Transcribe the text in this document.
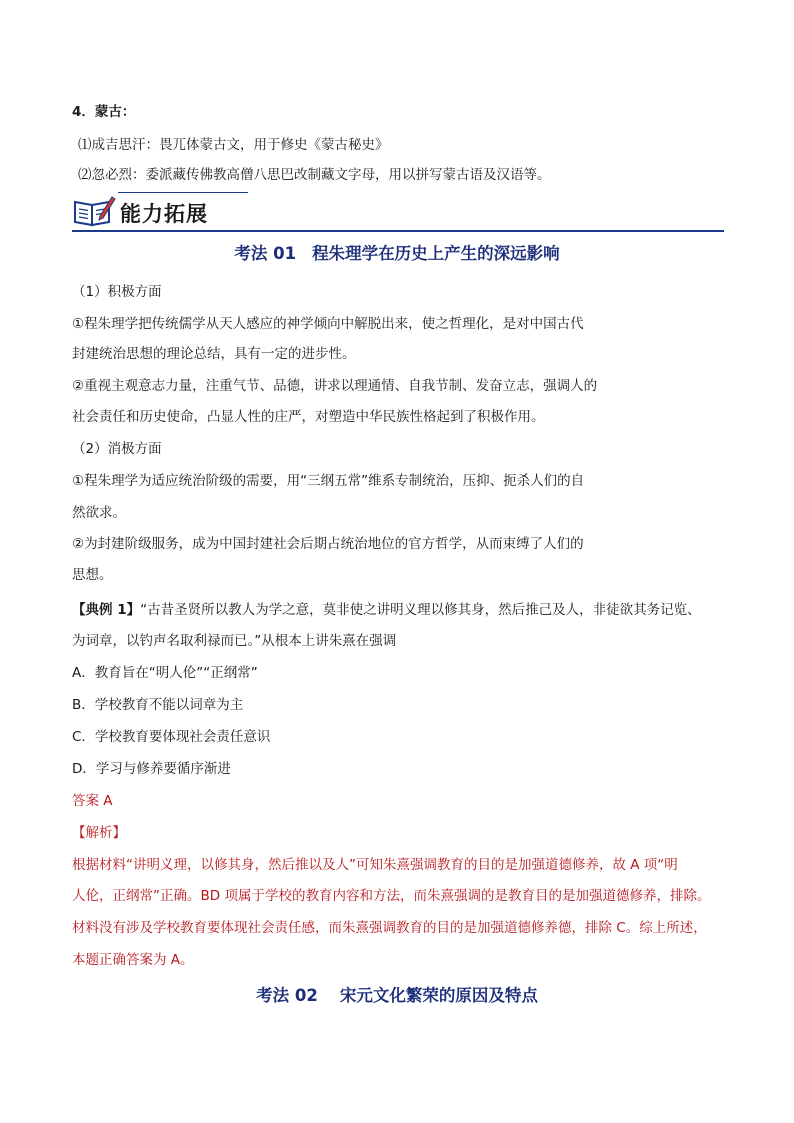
4．蒙古：
⑴成吉思汗：畏兀体蒙古文，用于修史《蒙古秘史》
⑵忽必烈：委派藏传佛教高僧八思巴改制藏文字母，用以拼写蒙古语及汉语等。
能力拓展
考法 01 程朱理学在历史上产生的深远影响
（1）积极方面
①程朱理学把传统儒学从天人感应的神学倾向中解脱出来，使之哲理化，是对中国古代
封建统治思想的理论总结，具有一定的进步性。
②重视主观意志力量，注重气节、品德，讲求以理通情、自我节制、发奋立志，强调人的
社会责任和历史使命，凸显人性的庄严，对塑造中华民族性格起到了积极作用。
（2）消极方面
①程朱理学为适应统治阶级的需要，用“三纲五常”维系专制统治，压抑、扼杀人们的自
然欲求。
②为封建阶级服务，成为中国封建社会后期占统治地位的官方哲学，从而束缚了人们的
思想。
【典例 1】“古昔圣贤所以教人为学之意，莫非使之讲明义理以修其身，然后推己及人，非徒欲其务记览、
为词章，以钓声名取利禄而已。”从根本上讲朱熹在强调
A．教育旨在“明人伦”“正纲常”
B．学校教育不能以词章为主
C．学校教育要体现社会责任意识
D．学习与修养要循序渐进
答案 A
【解析】
根据材料“讲明义理，以修其身，然后推以及人”可知朱熹强调教育的目的是加强道德修养，故 A 项“明
人伦，正纲常”正确。BD 项属于学校的教育内容和方法，而朱熹强调的是教育目的是加强道德修养，排除。
材料没有涉及学校教育要体现社会责任感，而朱熹强调教育的目的是加强道德修养德，排除 C。综上所述，
本题正确答案为 A。
考法 02 宋元文化繁荣的原因及特点
